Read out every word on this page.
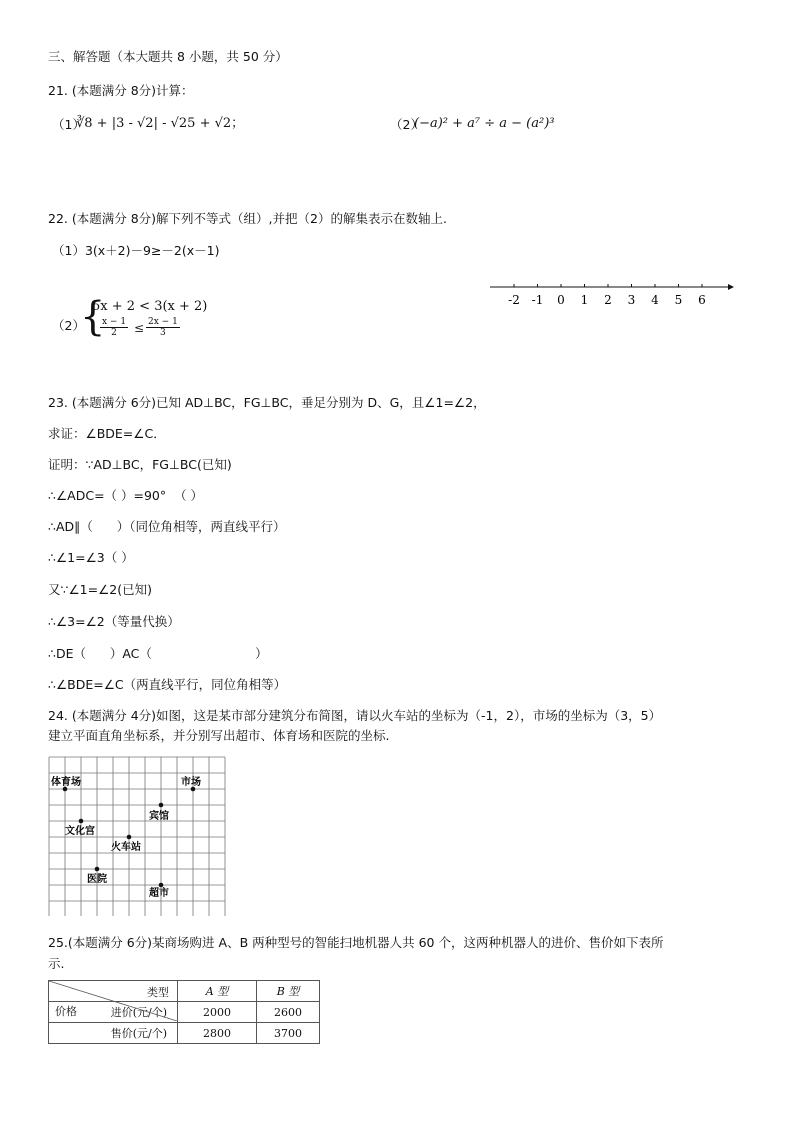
三、解答题（本大题共 8 小题，共 50 分）
21. (本题满分 8分)计算：
（1）
∛8 + |3 - √2| - √25 + √2；	（2）
(−a)² + a⁷ ÷ a − (a²)³
22. (本题满分 8分)解下列不等式（组）,并把（2）的解集表示在数轴上.
（1）3(x＋2)－9≥－2(x－1)
（2）
{
5x + 2 < 3(x + 2)
$\frac{x - 1}{2} \le \frac{2x - 1}{3}$
-2 -1 0 1 2 3 4 5 6
23. (本题满分 6分)已知 AD⊥BC，FG⊥BC，垂足分别为 D、G，且∠1=∠2，
求证：∠BDE=∠C．
证明：∵AD⊥BC，FG⊥BC(已知)
∴∠ADC=（ ）=90°  （ ）
∴AD∥（      ）（同位角相等，两直线平行）
∴∠1=∠3（ ）
又∵∠1=∠2(已知)
∴∠3=∠2（等量代换）
∴DE（      ）AC（                          ）
∴∠BDE=∠C（两直线平行，同位角相等）
24. (本题满分 4分)如图，这是某市部分建筑分布简图，请以火车站的坐标为（-1，2），市场的坐标为（3，5）
建立平面直角坐标系，并分别写出超市、体育场和医院的坐标.
体育场	市场
宾馆
文化宫
火车站
医院
超市
25.(本题满分 6分)某商场购进 A、B 两种型号的智能扫地机器人共 60 个，这两种机器人的进价、售价如下表所
示.
类型
价格	A 型	B 型
进价(元/个)	2000	2600
售价(元/个)	2800	3700
